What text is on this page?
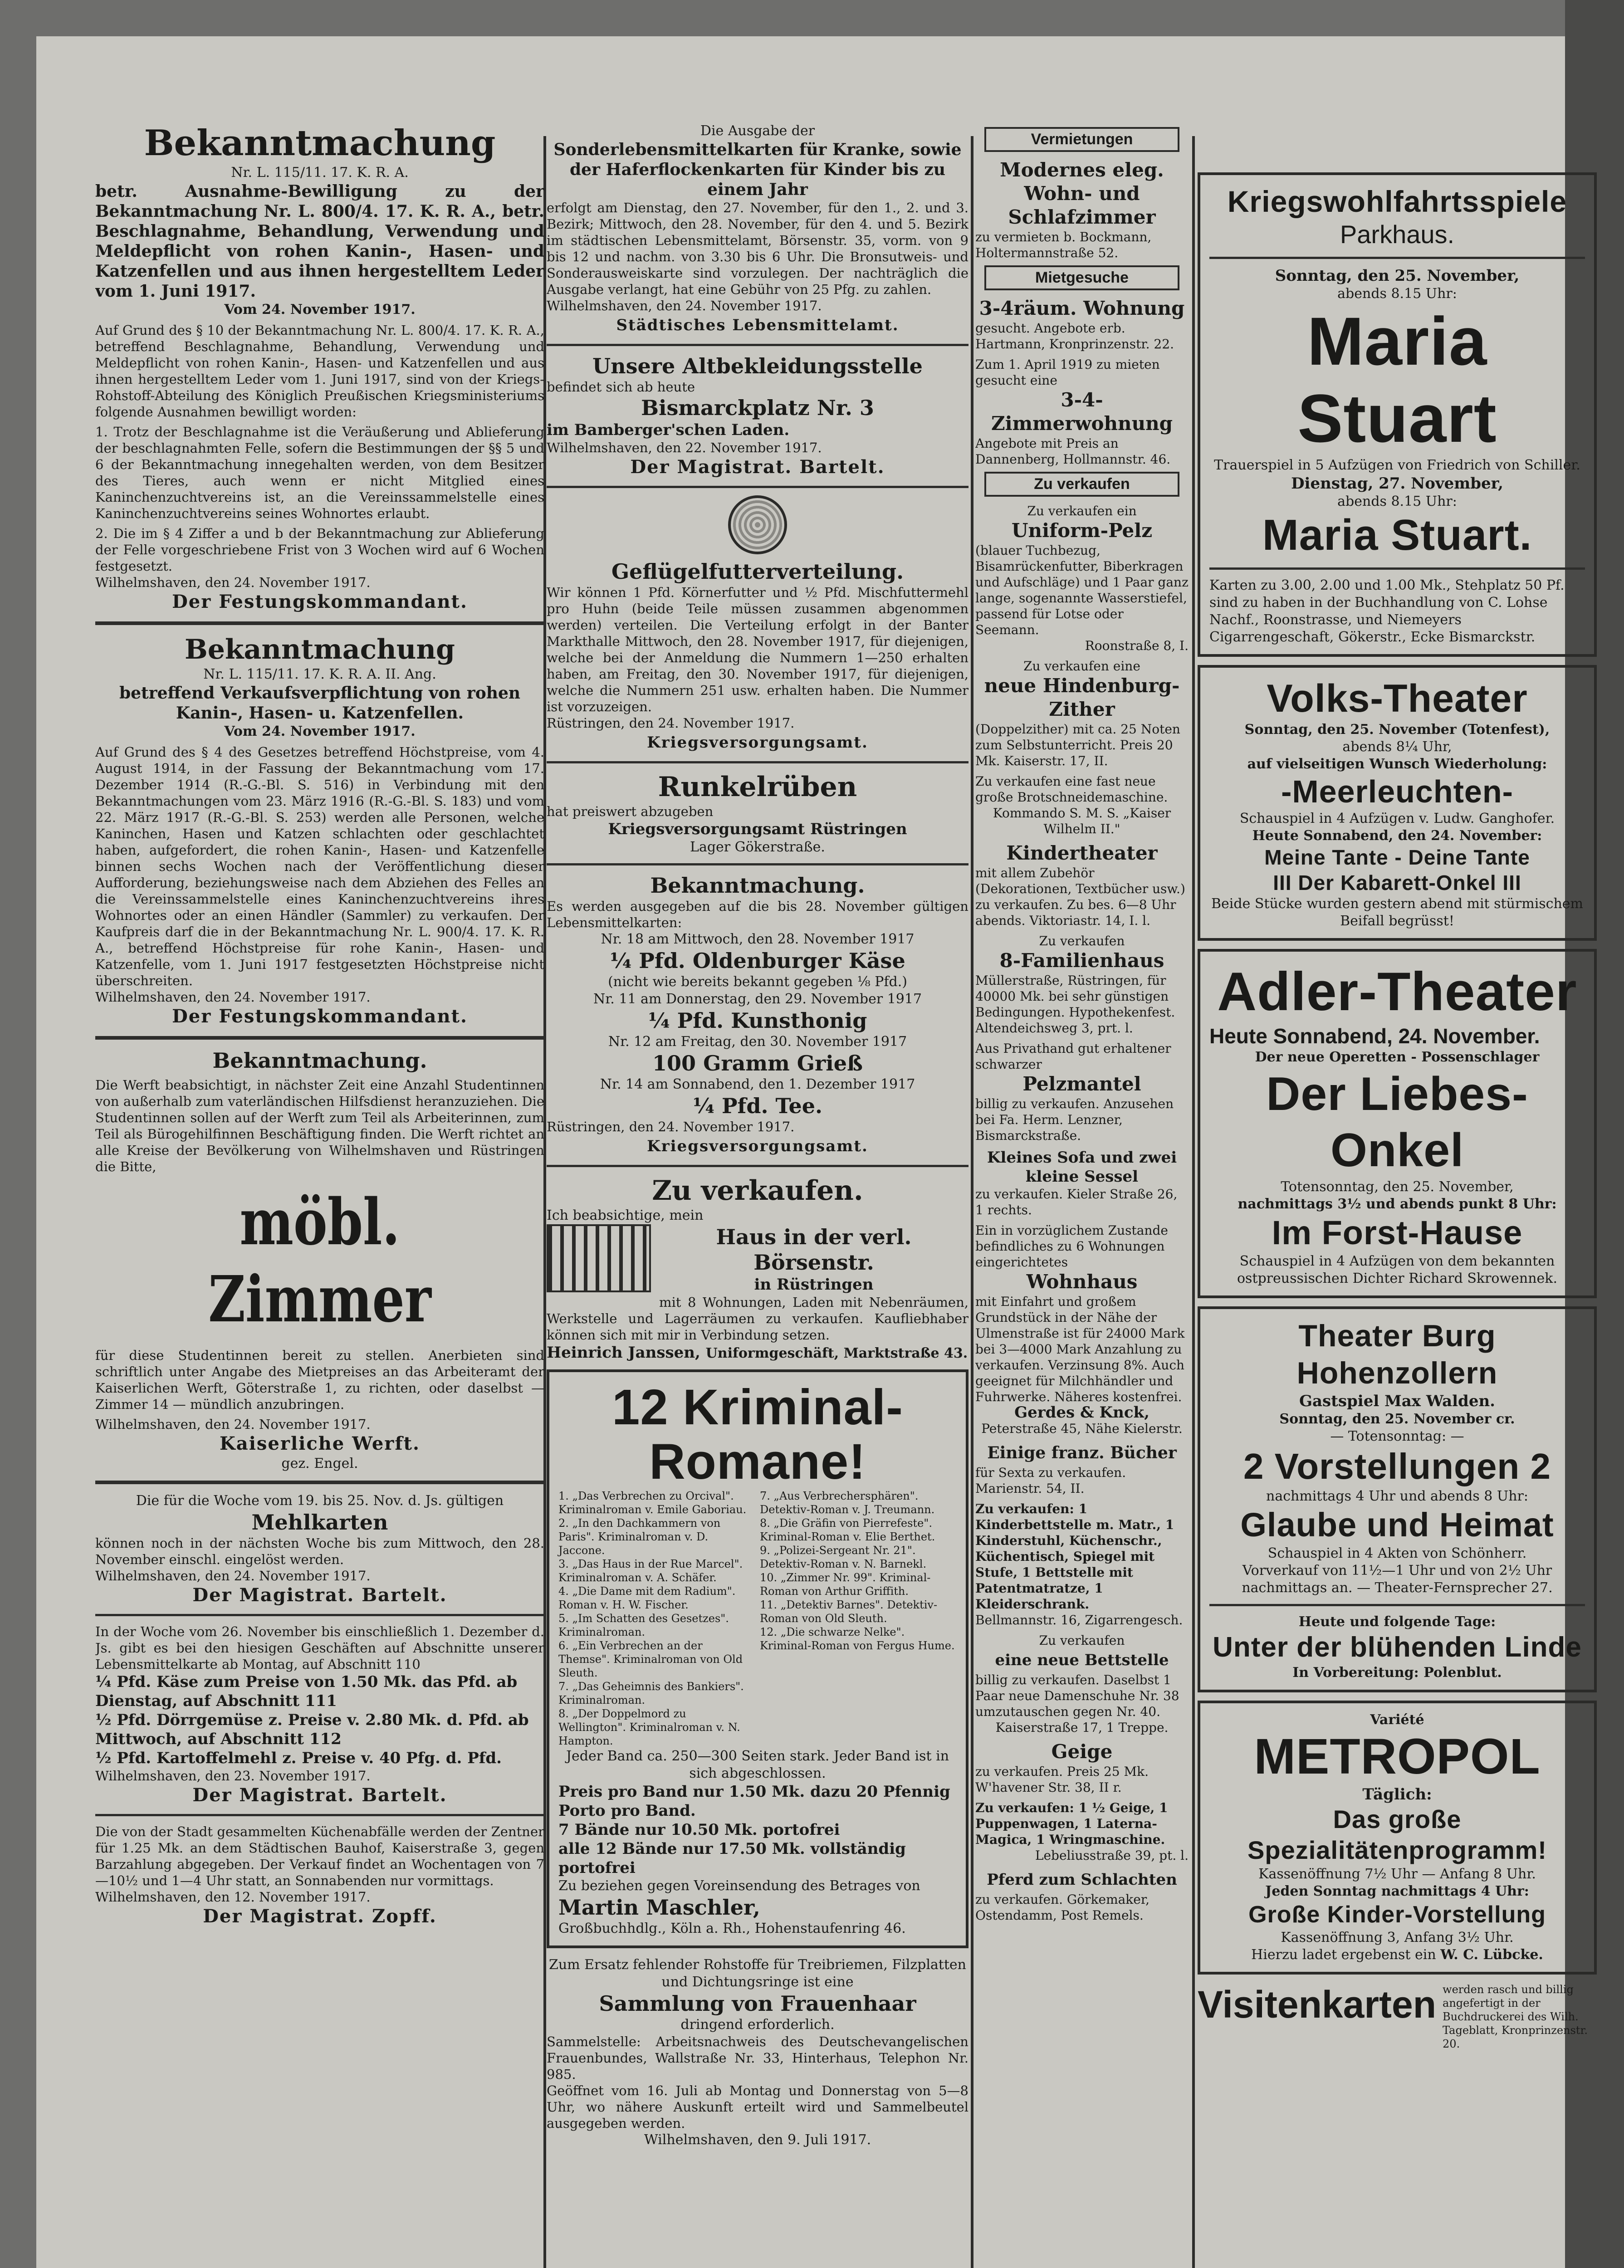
Bekanntmachung
Nr. L. 115/11. 17. K. R. A.
betr. Ausnahme-Bewilligung zu der Bekanntmachung Nr. L. 800/4. 17. K. R. A., betr. Beschlagnahme, Behandlung, Verwendung und Meldepflicht von rohen Kanin-, Hasen- und Katzenfellen und aus ihnen hergestelltem Leder vom 1. Juni 1917.
Vom 24. November 1917.
Auf Grund des § 10 der Bekanntmachung Nr. L. 800/4. 17. K. R. A., betreffend Beschlagnahme, Behandlung, Verwendung und Meldepflicht von rohen Kanin-, Hasen- und Katzenfellen und aus ihnen hergestelltem Leder vom 1. Juni 1917, sind von der Kriegs-Rohstoff-Abteilung des Königlich Preußischen Kriegsministeriums folgende Ausnahmen bewilligt worden:
1. Trotz der Beschlagnahme ist die Veräußerung und Ablieferung der beschlagnahmten Felle, sofern die Bestimmungen der §§ 5 und 6 der Bekanntmachung innegehalten werden, von dem Besitzer des Tieres, auch wenn er nicht Mitglied eines Kaninchenzuchtvereins ist, an die Vereinssammelstelle eines Kaninchenzuchtvereins seines Wohnortes erlaubt.
2. Die im § 4 Ziffer a und b der Bekanntmachung zur Ablieferung der Felle vorgeschriebene Frist von 3 Wochen wird auf 6 Wochen festgesetzt.
Wilhelmshaven, den 24. November 1917.
Der Festungskommandant.
Bekanntmachung
Nr. L. 115/11. 17. K. R. A. II. Ang.
betreffend Verkaufsverpflichtung von rohen Kanin-, Hasen- u. Katzenfellen.
Vom 24. November 1917.
Auf Grund des § 4 des Gesetzes betreffend Höchstpreise, vom 4. August 1914, in der Fassung der Bekanntmachung vom 17. Dezember 1914 (R.-G.-Bl. S. 516) in Verbindung mit den Bekanntmachungen vom 23. März 1916 (R.-G.-Bl. S. 183) und vom 22. März 1917 (R.-G.-Bl. S. 253) werden alle Personen, welche Kaninchen, Hasen und Katzen schlachten oder geschlachtet haben, aufgefordert, die rohen Kanin-, Hasen- und Katzenfelle binnen sechs Wochen nach der Veröffentlichung dieser Aufforderung, beziehungsweise nach dem Abziehen des Felles an die Vereinssammelstelle eines Kaninchenzuchtvereins ihres Wohnortes oder an einen Händler (Sammler) zu verkaufen. Der Kaufpreis darf die in der Bekanntmachung Nr. L. 900/4. 17. K. R. A., betreffend Höchstpreise für rohe Kanin-, Hasen- und Katzenfelle, vom 1. Juni 1917 festgesetzten Höchstpreise nicht überschreiten.
Wilhelmshaven, den 24. November 1917.
Der Festungskommandant.
Bekanntmachung.
Die Werft beabsichtigt, in nächster Zeit eine Anzahl Studentinnen von außerhalb zum vaterländischen Hilfsdienst heranzuziehen. Die Studentinnen sollen auf der Werft zum Teil als Arbeiterinnen, zum Teil als Bürogehilfinnen Beschäftigung finden. Die Werft richtet an alle Kreise der Bevölkerung von Wilhelmshaven und Rüstringen die Bitte,
möbl. Zimmer
für diese Studentinnen bereit zu stellen. Anerbieten sind schriftlich unter Angabe des Mietpreises an das Arbeiteramt der Kaiserlichen Werft, Göterstraße 1, zu richten, oder daselbst — Zimmer 14 — mündlich anzubringen.
Wilhelmshaven, den 24. November 1917.
Kaiserliche Werft.
gez. Engel.
Die für die Woche vom 19. bis 25. Nov. d. Js. gültigen
Mehlkarten
können noch in der nächsten Woche bis zum Mittwoch, den 28. November einschl. eingelöst werden.
Wilhelmshaven, den 24. November 1917.
Der Magistrat. Bartelt.
In der Woche vom 26. November bis einschließlich 1. Dezember d. Js. gibt es bei den hiesigen Geschäften auf Abschnitte unserer Lebensmittelkarte ab Montag, auf Abschnitt 110
¼ Pfd. Käse zum Preise von 1.50 Mk. das Pfd. ab Dienstag, auf Abschnitt 111
½ Pfd. Dörrgemüse z. Preise v. 2.80 Mk. d. Pfd. ab Mittwoch, auf Abschnitt 112
½ Pfd. Kartoffelmehl z. Preise v. 40 Pfg. d. Pfd.
Wilhelmshaven, den 23. November 1917.
Der Magistrat. Bartelt.
Die von der Stadt gesammelten Küchenabfälle werden der Zentner für 1.25 Mk. an dem Städtischen Bauhof, Kaiserstraße 3, gegen Barzahlung abgegeben. Der Verkauf findet an Wochentagen von 7—10½ und 1—4 Uhr statt, an Sonnabenden nur vormittags.
Wilhelmshaven, den 12. November 1917.
Der Magistrat. Zopff.
Die Ausgabe der
Sonderlebensmittelkarten für Kranke, sowie der Haferflockenkarten für Kinder bis zu einem Jahr
erfolgt am Dienstag, den 27. November, für den 1., 2. und 3. Bezirk; Mittwoch, den 28. November, für den 4. und 5. Bezirk im städtischen Lebensmittelamt, Börsenstr. 35, vorm. von 9 bis 12 und nachm. von 3.30 bis 6 Uhr. Die Bronsutweis- und Sonderausweiskarte sind vorzulegen. Der nachträglich die Ausgabe verlangt, hat eine Gebühr von 25 Pfg. zu zahlen.
Wilhelmshaven, den 24. November 1917.
Städtisches Lebensmittelamt.
Unsere Altbekleidungsstelle
befindet sich ab heute
Bismarckplatz Nr. 3
im Bamberger'schen Laden.
Wilhelmshaven, den 22. November 1917.
Der Magistrat. Bartelt.
Geflügelfutterverteilung.
Wir können 1 Pfd. Körnerfutter und ½ Pfd. Mischfuttermehl pro Huhn (beide Teile müssen zusammen abgenommen werden) verteilen. Die Verteilung erfolgt in der Banter Markthalle Mittwoch, den 28. November 1917, für diejenigen, welche bei der Anmeldung die Nummern 1—250 erhalten haben, am Freitag, den 30. November 1917, für diejenigen, welche die Nummern 251 usw. erhalten haben. Die Nummer ist vorzuzeigen.
Rüstringen, den 24. November 1917.
Kriegsversorgungsamt.
Runkelrüben
hat preiswert abzugeben
Kriegsversorgungsamt Rüstringen
Lager Gökerstraße.
Bekanntmachung.
Es werden ausgegeben auf die bis 28. November gültigen Lebensmittelkarten:
Nr. 18 am Mittwoch, den 28. November 1917
¼ Pfd. Oldenburger Käse
(nicht wie bereits bekannt gegeben ⅛ Pfd.)
Nr. 11 am Donnerstag, den 29. November 1917
¼ Pfd. Kunsthonig
Nr. 12 am Freitag, den 30. November 1917
100 Gramm Grieß
Nr. 14 am Sonnabend, den 1. Dezember 1917
¼ Pfd. Tee.
Rüstringen, den 24. November 1917.
Kriegsversorgungsamt.
Zu verkaufen.
Ich beabsichtige, mein
Haus in der verl. Börsenstr.
in Rüstringen
mit 8 Wohnungen, Laden mit Nebenräumen, Werkstelle und Lagerräumen zu verkaufen. Kaufliebhaber können sich mit mir in Verbindung setzen.
Heinrich Janssen, Uniformgeschäft, Marktstraße 43.
12 Kriminal-Romane!
1. „Das Verbrechen zu Orcival". Kriminalroman v. Emile Gaboriau.
2. „In den Dachkammern von Paris". Kriminalroman v. D. Jaccone.
3. „Das Haus in der Rue Marcel". Kriminalroman v. A. Schäfer.
4. „Die Dame mit dem Radium". Roman v. H. W. Fischer.
5. „Im Schatten des Gesetzes". Kriminalroman.
6. „Ein Verbrechen an der Themse". Kriminalroman von Old Sleuth.
7. „Das Geheimnis des Bankiers". Kriminalroman.
8. „Der Doppelmord zu Wellington". Kriminalroman v. N. Hampton.
7. „Aus Verbrechersphären". Detektiv-Roman v. J. Treumann.
8. „Die Gräfin von Pierrefeste". Kriminal-Roman v. Elie Berthet.
9. „Polizei-Sergeant Nr. 21". Detektiv-Roman v. N. Barnekl.
10. „Zimmer Nr. 99". Kriminal-Roman von Arthur Griffith.
11. „Detektiv Barnes". Detektiv-Roman von Old Sleuth.
12. „Die schwarze Nelke". Kriminal-Roman von Fergus Hume.
Jeder Band ca. 250—300 Seiten stark. Jeder Band ist in sich abgeschlossen.
Preis pro Band nur 1.50 Mk. dazu 20 Pfennig Porto pro Band.
7 Bände nur 10.50 Mk. portofrei
alle 12 Bände nur 17.50 Mk. vollständig portofrei
Zu beziehen gegen Voreinsendung des Betrages von
Martin Maschler,
Großbuchhdlg., Köln a. Rh., Hohenstaufenring 46.
Zum Ersatz fehlender Rohstoffe für Treibriemen, Filzplatten und Dichtungsringe ist eine
Sammlung von Frauenhaar
dringend erforderlich.
Sammelstelle: Arbeitsnachweis des Deutschevangelischen Frauenbundes, Wallstraße Nr. 33, Hinterhaus, Telephon Nr. 985.
Geöffnet vom 16. Juli ab Montag und Donnerstag von 5—8 Uhr, wo nähere Auskunft erteilt wird und Sammelbeutel ausgegeben werden.
Wilhelmshaven, den 9. Juli 1917.
Vermietungen
Modernes eleg. Wohn- und Schlafzimmer
zu vermieten b. Bockmann, Holtermannstraße 52.
Mietgesuche
3-4räum. Wohnung
gesucht. Angebote erb. Hartmann, Kronprinzenstr. 22.
Zum 1. April 1919 zu mieten gesucht eine
3-4-Zimmerwohnung
Angebote mit Preis an Dannenberg, Hollmannstr. 46.
Zu verkaufen
Zu verkaufen ein
Uniform-Pelz
(blauer Tuchbezug, Bisamrückenfutter, Biberkragen und Aufschläge) und 1 Paar ganz lange, sogenannte Wasserstiefel, passend für Lotse oder Seemann.
Roonstraße 8, I.
Zu verkaufen eine
neue Hindenburg-Zither
(Doppelzither) mit ca. 25 Noten zum Selbstunterricht. Preis 20 Mk. Kaiserstr. 17, II.
Zu verkaufen eine fast neue große Brotschneidemaschine.
Kommando S. M. S. „Kaiser Wilhelm II."
Kindertheater
mit allem Zubehör (Dekorationen, Textbücher usw.) zu verkaufen. Zu bes. 6—8 Uhr abends. Viktoriastr. 14, I. l.
Zu verkaufen
8-Familienhaus
Müllerstraße, Rüstringen, für 40000 Mk. bei sehr günstigen Bedingungen. Hypothekenfest. Altendeichsweg 3, prt. l.
Aus Privathand gut erhaltener schwarzer
Pelzmantel
billig zu verkaufen. Anzusehen bei Fa. Herm. Lenzner, Bismarckstraße.
Kleines Sofa und zwei kleine Sessel
zu verkaufen. Kieler Straße 26, 1 rechts.
Ein in vorzüglichem Zustande befindliches zu 6 Wohnungen eingerichtetes
Wohnhaus
mit Einfahrt und großem Grundstück in der Nähe der Ulmenstraße ist für 24000 Mark bei 3—4000 Mark Anzahlung zu verkaufen. Verzinsung 8%. Auch geeignet für Milchhändler und Fuhrwerke. Näheres kostenfrei.
Gerdes & Knck,
Peterstraße 45, Nähe Kielerstr.
Einige franz. Bücher
für Sexta zu verkaufen. Marienstr. 54, II.
Zu verkaufen: 1 Kinderbettstelle m. Matr., 1 Kinderstuhl, Küchenschr., Küchentisch, Spiegel mit Stufe, 1 Bettstelle mit Patentmatratze, 1 Kleiderschrank.
Bellmannstr. 16, Zigarrengesch.
Zu verkaufen
eine neue Bettstelle
billig zu verkaufen. Daselbst 1 Paar neue Damenschuhe Nr. 38 umzutauschen gegen Nr. 40.
Kaiserstraße 17, 1 Treppe.
Geige
zu verkaufen. Preis 25 Mk. W'havener Str. 38, II r.
Zu verkaufen: 1 ½ Geige, 1 Puppenwagen, 1 Laterna-Magica, 1 Wringmaschine.
Lebeliusstraße 39, pt. l.
Pferd zum Schlachten
zu verkaufen. Görkemaker, Ostendamm, Post Remels.
Kriegswohlfahrtsspiele
Parkhaus.
Sonntag, den 25. November,
abends 8.15 Uhr:
Maria Stuart
Trauerspiel in 5 Aufzügen von Friedrich von Schiller.
Dienstag, 27. November,
abends 8.15 Uhr:
Maria Stuart.
Karten zu 3.00, 2.00 und 1.00 Mk., Stehplatz 50 Pf. sind zu haben in der Buchhandlung von C. Lohse Nachf., Roonstrasse, und Niemeyers Cigarrengeschaft, Gökerstr., Ecke Bismarckstr.
Volks-Theater
Sonntag, den 25. November (Totenfest),
abends 8¼ Uhr,
auf vielseitigen Wunsch Wiederholung:
-Meerleuchten-
Schauspiel in 4 Aufzügen v. Ludw. Ganghofer.
Heute Sonnabend, den 24. November:
Meine Tante - Deine Tante
III Der Kabarett-Onkel III
Beide Stücke wurden gestern abend mit stürmischem Beifall begrüsst!
Adler-Theater
Heute Sonnabend, 24. November.
Der neue Operetten - Possenschlager
Der Liebes-Onkel
Totensonntag, den 25. November,
nachmittags 3½ und abends punkt 8 Uhr:
Im Forst-Hause
Schauspiel in 4 Aufzügen von dem bekannten ostpreussischen Dichter Richard Skrowennek.
Theater Burg Hohenzollern
Gastspiel Max Walden.
Sonntag, den 25. November cr.
— Totensonntag: —
2 Vorstellungen 2
nachmittags 4 Uhr und abends 8 Uhr:
Glaube und Heimat
Schauspiel in 4 Akten von Schönherr.
Vorverkauf von 11½—1 Uhr und von 2½ Uhr nachmittags an. — Theater-Fernsprecher 27.
Heute und folgende Tage:
Unter der blühenden Linde
In Vorbereitung: Polenblut.
Variété
METROPOL
Täglich:
Das große Spezialitätenprogramm!
Kassenöffnung 7½ Uhr — Anfang 8 Uhr.
Jeden Sonntag nachmittags 4 Uhr:
Große Kinder-Vorstellung
Kassenöffnung 3, Anfang 3½ Uhr.
Hierzu ladet ergebenst ein W. C. Lübcke.
Visitenkarten werden rasch und billig angefertigt in der Buchdruckerei des Wilh. Tageblatt, Kronprinzenstr. 20.
